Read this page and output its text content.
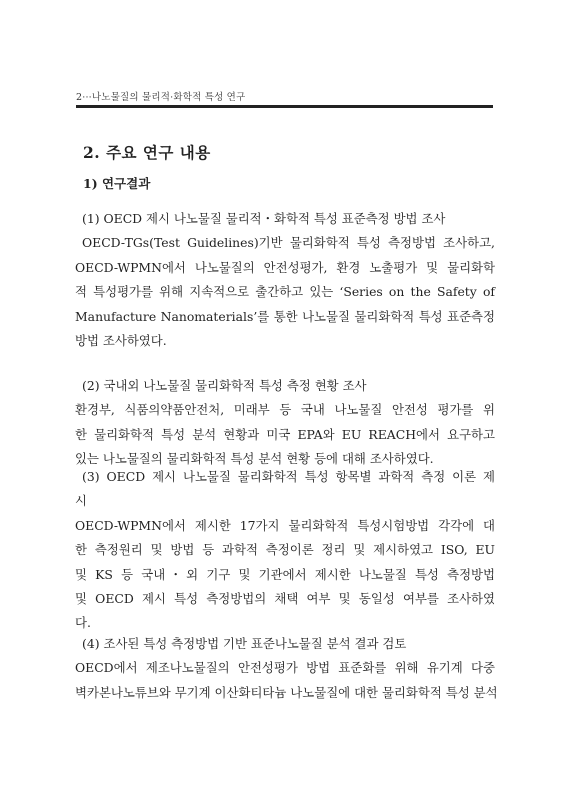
2···나노물질의 물리적·화학적 특성 연구
2. 주요 연구 내용
1) 연구결과
(1) OECD 제시 나노물질 물리적・화학적 특성 표준측정 방법 조사
OECD-TGs(Test Guidelines)기반 물리화학적 특성 측정방법 조사하고,
OECD-WPMN에서 나노물질의 안전성평가, 환경 노출평가 및 물리화학
적 특성평가를 위해 지속적으로 출간하고 있는 ‘Series on the Safety of
Manufacture Nanomaterials’를 통한 나노물질 물리화학적 특성 표준측정
방법 조사하였다.
(2) 국내외 나노물질 물리화학적 특성 측정 현황 조사
환경부, 식품의약품안전처, 미래부 등 국내 나노물질 안전성 평가를 위
한 물리화학적 특성 분석 현황과 미국 EPA와 EU REACH에서 요구하고
있는 나노물질의 물리화학적 특성 분석 현황 등에 대해 조사하였다.
(3) OECD 제시 나노물질 물리화학적 특성 항목별 과학적 측정 이론 제
시
OECD-WPMN에서 제시한 17가지 물리화학적 특성시험방법 각각에 대
한 측정원리 및 방법 등 과학적 측정이론 정리 및 제시하였고 ISO, EU
및 KS 등 국내・외 기구 및 기관에서 제시한 나노물질 특성 측정방법
및 OECD 제시 특성 측정방법의 채택 여부 및 동일성 여부를 조사하였
다.
(4) 조사된 특성 측정방법 기반 표준나노물질 분석 결과 검토
OECD에서 제조나노물질의 안전성평가 방법 표준화를 위해 유기계 다중
벽카본나노튜브와 무기계 이산화티타늄 나노물질에 대한 물리화학적 특성 분석
